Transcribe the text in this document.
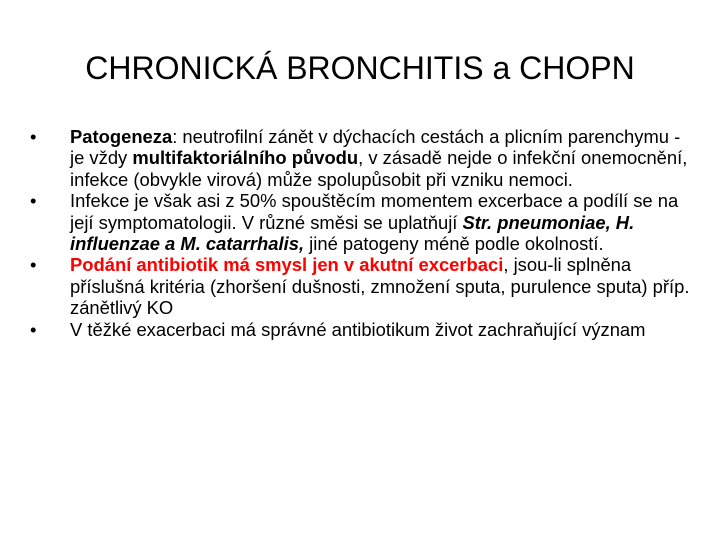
CHRONICKÁ BRONCHITIS a CHOPN
•	Patogeneza: neutrofilní zánět v dýchacích cestách a plicním parenchymu - je vždy multifaktoriálního původu, v zásadě nejde o infekční onemocnění, infekce (obvykle virová) může spolupůsobit při vzniku nemoci.
•	Infekce je však asi z 50% spouštěcím momentem excerbace a podílí se na její symptomatologii. V různé směsi se uplatňují Str. pneumoniae, H. influenzae a M. catarrhalis, jiné patogeny méně podle okolností.
•	Podání antibiotik má smysl jen v akutní excerbaci, jsou-li splněna příslušná kritéria (zhoršení dušnosti, zmnožení sputa, purulence sputa) příp. zánětlivý KO
•	V těžké exacerbaci má správné antibiotikum život zachraňující význam
